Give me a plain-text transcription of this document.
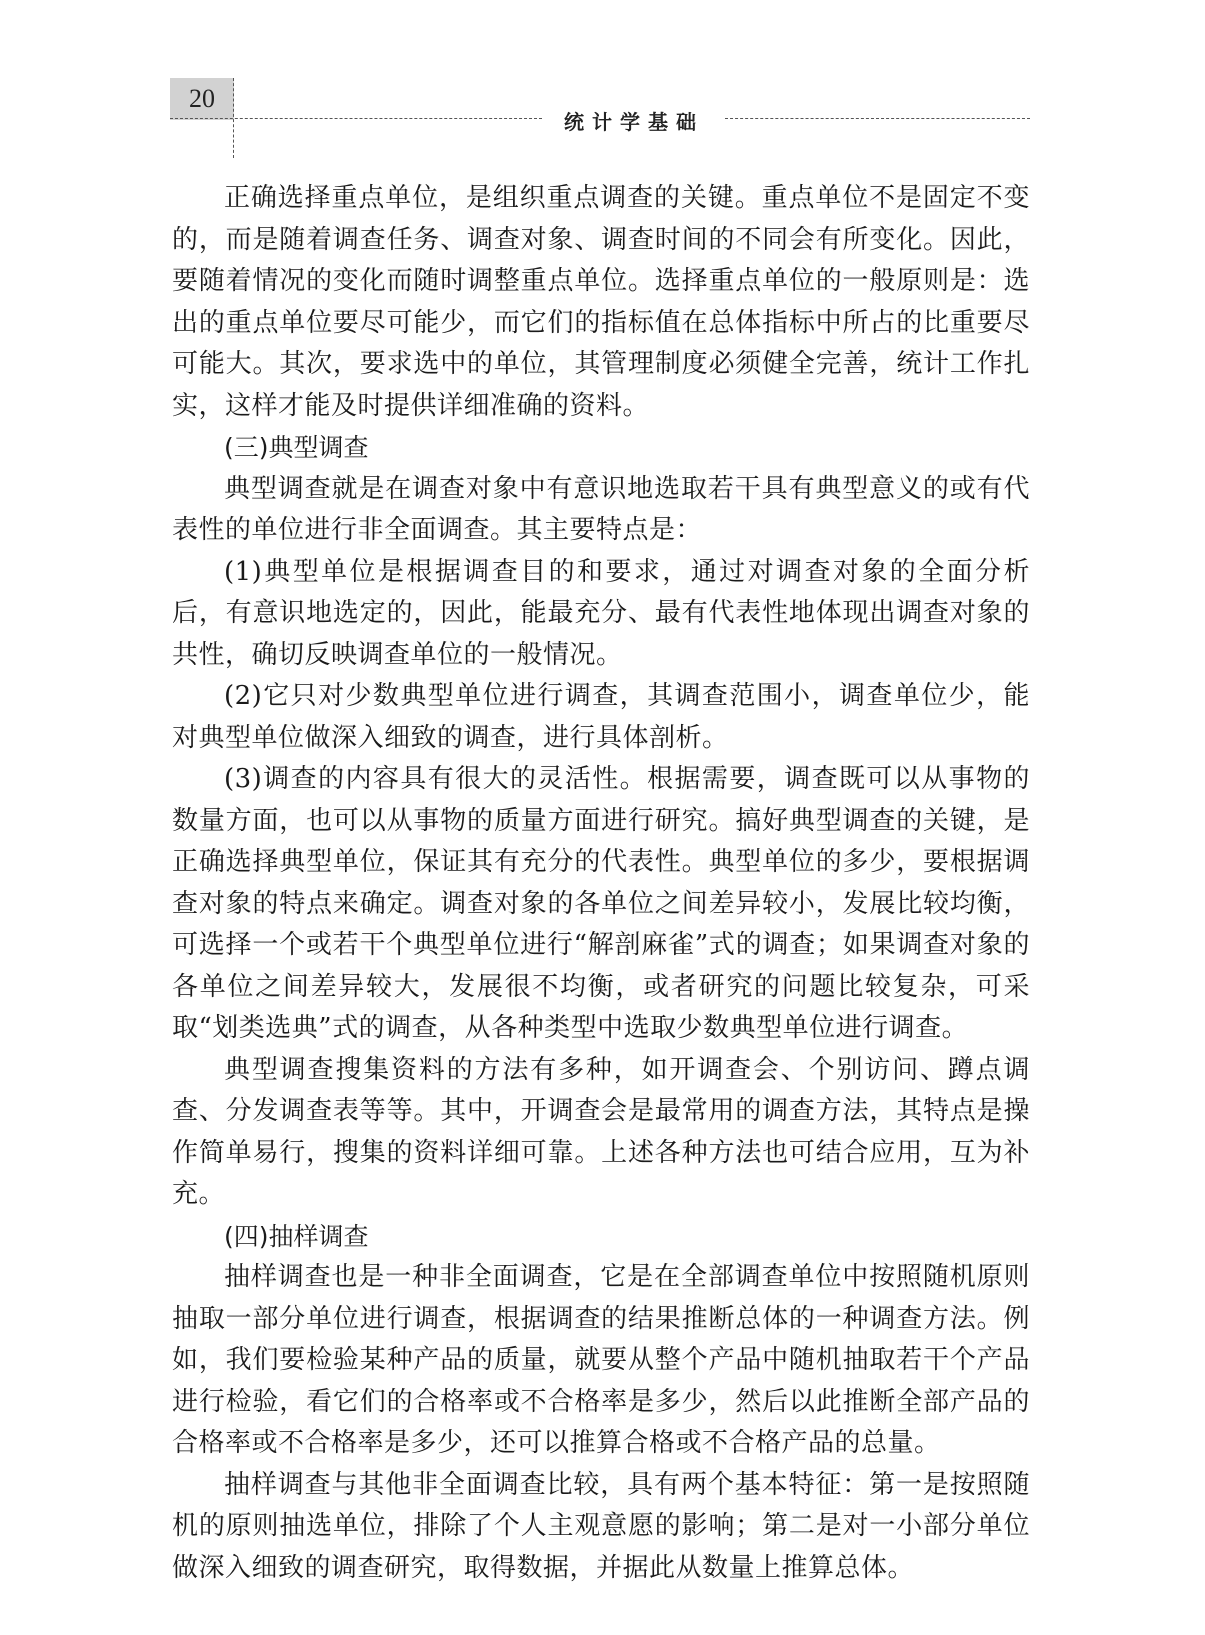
20
统计学基础

正确选择重点单位，是组织重点调查的关键。重点单位不是固定不变的，而是随着调查任务、调查对象、调查时间的不同会有所变化。因此，要随着情况的变化而随时调整重点单位。选择重点单位的一般原则是：选出的重点单位要尽可能少，而它们的指标值在总体指标中所占的比重要尽可能大。其次，要求选中的单位，其管理制度必须健全完善，统计工作扎实，这样才能及时提供详细准确的资料。

(三)典型调查

典型调查就是在调查对象中有意识地选取若干具有典型意义的或有代表性的单位进行非全面调查。其主要特点是：

(1)典型单位是根据调查目的和要求，通过对调查对象的全面分析后，有意识地选定的，因此，能最充分、最有代表性地体现出调查对象的共性，确切反映调查单位的一般情况。

(2)它只对少数典型单位进行调查，其调查范围小，调查单位少，能对典型单位做深入细致的调查，进行具体剖析。

(3)调查的内容具有很大的灵活性。根据需要，调查既可以从事物的数量方面，也可以从事物的质量方面进行研究。搞好典型调查的关键，是正确选择典型单位，保证其有充分的代表性。典型单位的多少，要根据调查对象的特点来确定。调查对象的各单位之间差异较小，发展比较均衡，可选择一个或若干个典型单位进行“解剖麻雀”式的调查；如果调查对象的各单位之间差异较大，发展很不均衡，或者研究的问题比较复杂，可采取“划类选典”式的调查，从各种类型中选取少数典型单位进行调查。

典型调查搜集资料的方法有多种，如开调查会、个别访问、蹲点调查、分发调查表等等。其中，开调查会是最常用的调查方法，其特点是操作简单易行，搜集的资料详细可靠。上述各种方法也可结合应用，互为补充。

(四)抽样调查

抽样调查也是一种非全面调查，它是在全部调查单位中按照随机原则抽取一部分单位进行调查，根据调查的结果推断总体的一种调查方法。例如，我们要检验某种产品的质量，就要从整个产品中随机抽取若干个产品进行检验，看它们的合格率或不合格率是多少，然后以此推断全部产品的合格率或不合格率是多少，还可以推算合格或不合格产品的总量。

抽样调查与其他非全面调查比较，具有两个基本特征：第一是按照随机的原则抽选单位，排除了个人主观意愿的影响；第二是对一小部分单位做深入细致的调查研究，取得数据，并据此从数量上推算总体。
